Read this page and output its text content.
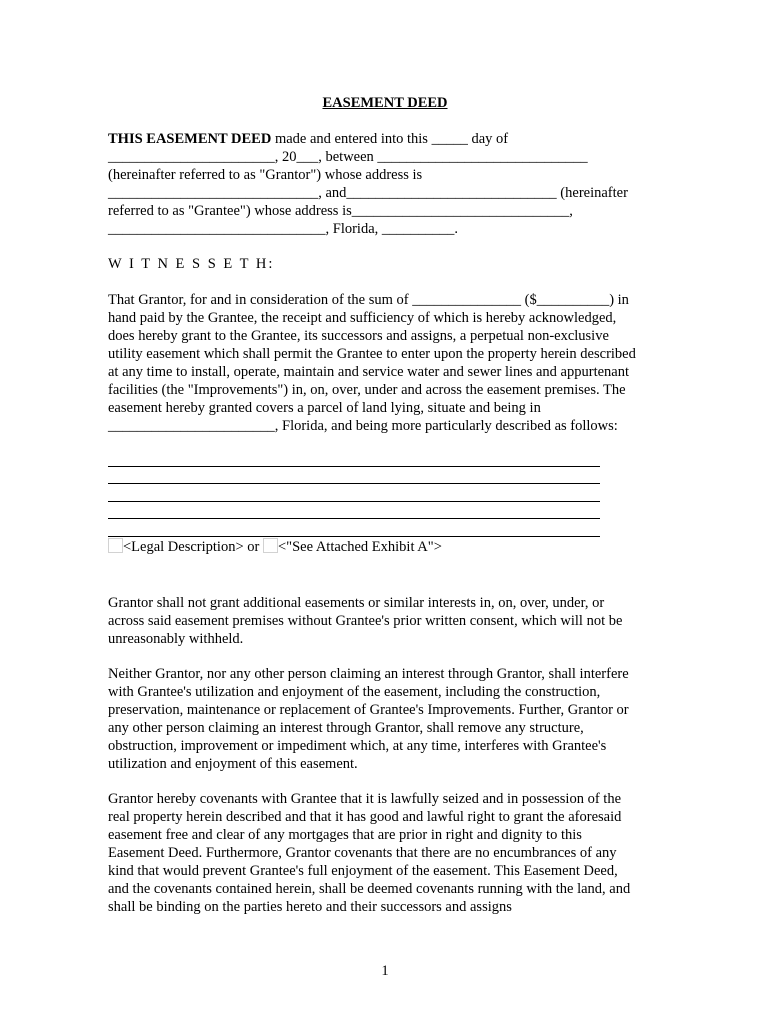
EASEMENT DEED
THIS EASEMENT DEED made and entered into this _____ day of
_______________________, 20___, between _____________________________
(hereinafter referred to as "Grantor") whose address is
_____________________________, and_____________________________ (hereinafter
referred to as "Grantee") whose address is______________________________,
______________________________, Florida, __________.
W I T N E S S E T H:
That Grantor, for and in consideration of the sum of _______________ ($__________) in
hand paid by the Grantee, the receipt and sufficiency of which is hereby acknowledged,
does hereby grant to the Grantee, its successors and assigns, a perpetual non-exclusive
utility easement which shall permit the Grantee to enter upon the property herein described
at any time to install, operate, maintain and service water and sewer lines and appurtenant
facilities (the "Improvements") in, on, over, under and across the easement premises. The
easement hereby granted covers a parcel of land lying, situate and being in
_______________________, Florida, and being more particularly described as follows:
<Legal Description> or <"See Attached Exhibit A">
Grantor shall not grant additional easements or similar interests in, on, over, under, or
across said easement premises without Grantee's prior written consent, which will not be
unreasonably withheld.
Neither Grantor, nor any other person claiming an interest through Grantor, shall interfere
with Grantee's utilization and enjoyment of the easement, including the construction,
preservation, maintenance or replacement of Grantee's Improvements. Further, Grantor or
any other person claiming an interest through Grantor, shall remove any structure,
obstruction, improvement or impediment which, at any time, interferes with Grantee's
utilization and enjoyment of this easement.
Grantor hereby covenants with Grantee that it is lawfully seized and in possession of the
real property herein described and that it has good and lawful right to grant the aforesaid
easement free and clear of any mortgages that are prior in right and dignity to this
Easement Deed. Furthermore, Grantor covenants that there are no encumbrances of any
kind that would prevent Grantee's full enjoyment of the easement. This Easement Deed,
and the covenants contained herein, shall be deemed covenants running with the land, and
shall be binding on the parties hereto and their successors and assigns
1
